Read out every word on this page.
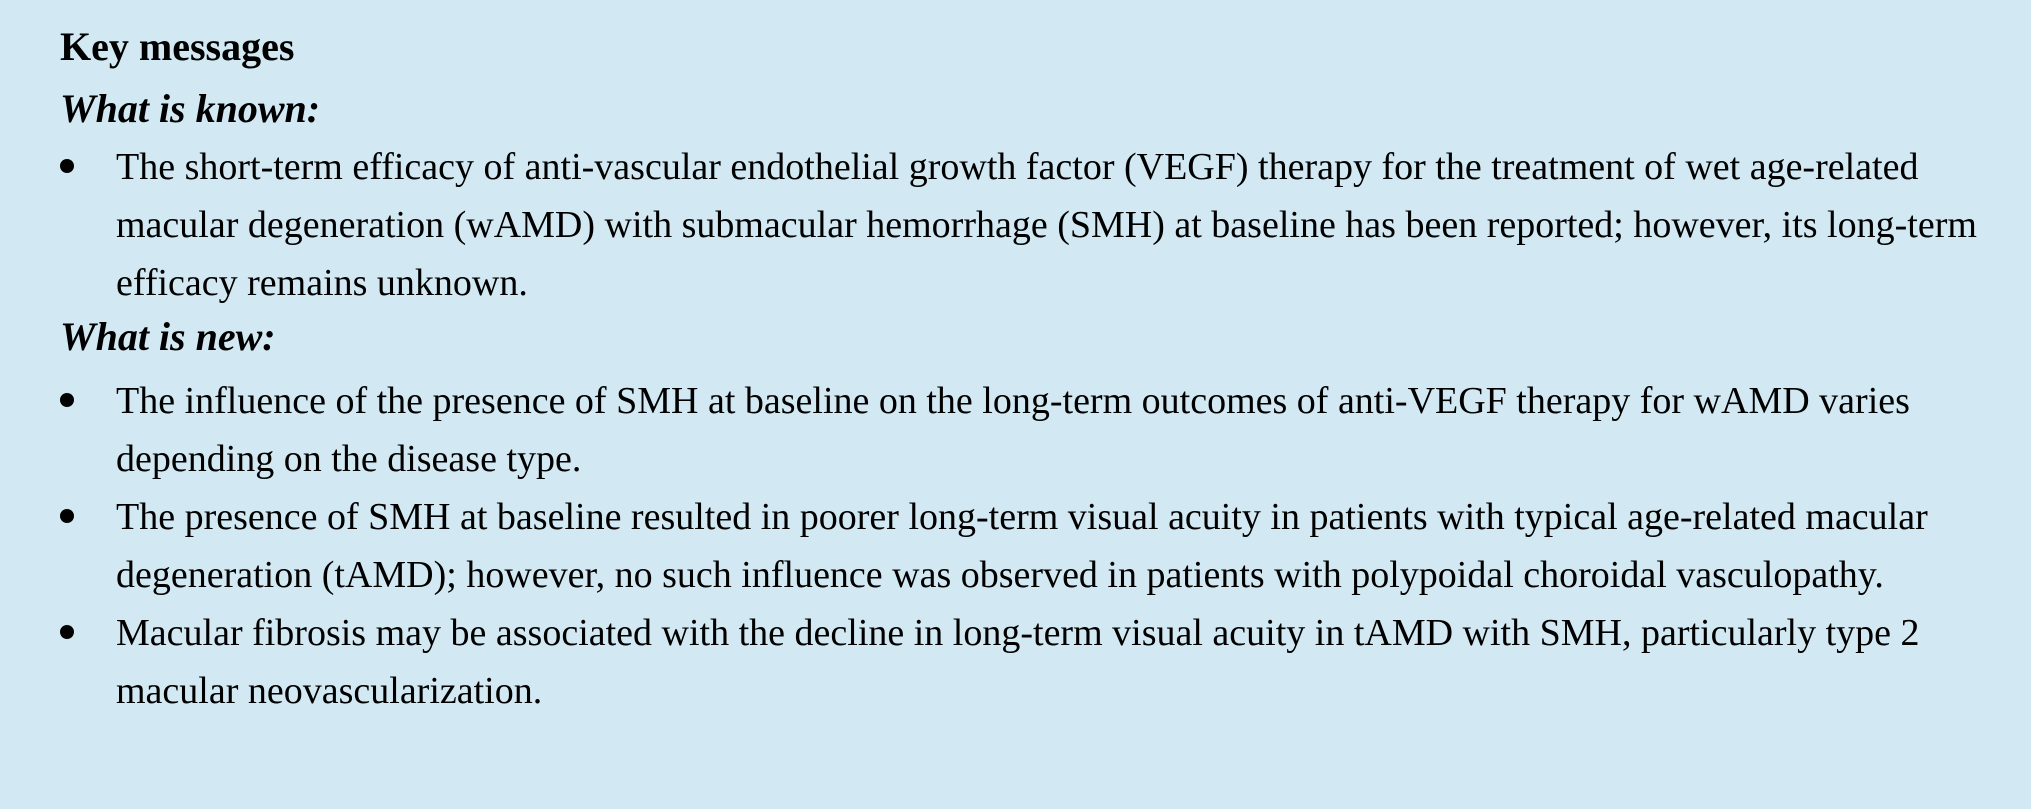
Key messages
What is known:
The short-term efficacy of anti-vascular endothelial growth factor (VEGF) therapy for the treatment of wet age-related macular degeneration (wAMD) with submacular hemorrhage (SMH) at baseline has been reported; however, its long-term efficacy remains unknown.
What is new:
The influence of the presence of SMH at baseline on the long-term outcomes of anti-VEGF therapy for wAMD varies depending on the disease type.
The presence of SMH at baseline resulted in poorer long-term visual acuity in patients with typical age-related macular degeneration (tAMD); however, no such influence was observed in patients with polypoidal choroidal vasculopathy.
Macular fibrosis may be associated with the decline in long-term visual acuity in tAMD with SMH, particularly type 2 macular neovascularization.
